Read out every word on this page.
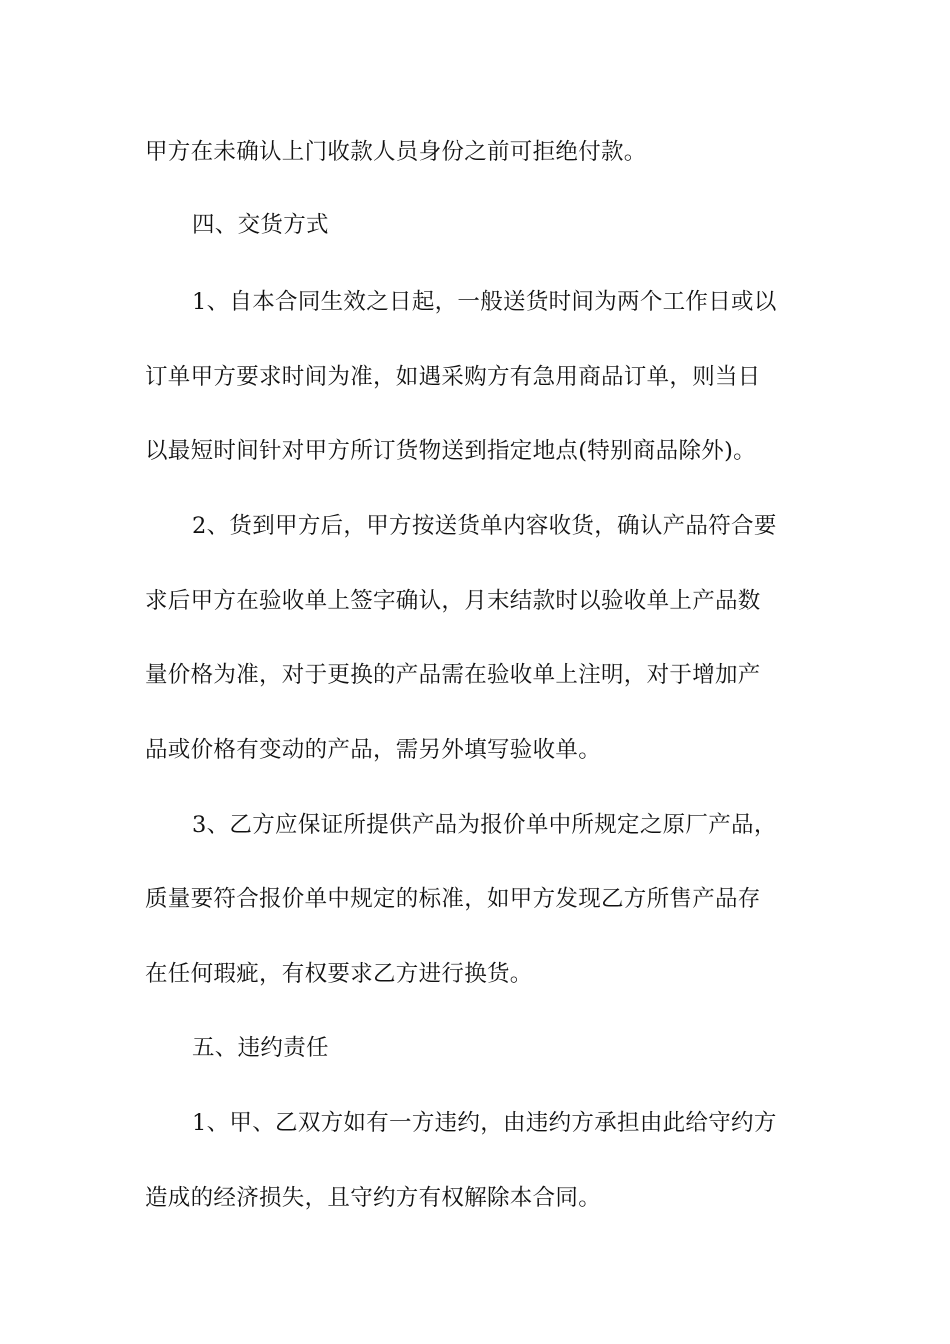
甲方在未确认上门收款人员身份之前可拒绝付款。
四、交货方式
1、自本合同生效之日起，一般送货时间为两个工作日或以
订单甲方要求时间为准，如遇采购方有急用商品订单，则当日
以最短时间针对甲方所订货物送到指定地点(特别商品除外)。
2、货到甲方后，甲方按送货单内容收货，确认产品符合要
求后甲方在验收单上签字确认，月末结款时以验收单上产品数
量价格为准，对于更换的产品需在验收单上注明，对于增加产
品或价格有变动的产品，需另外填写验收单。
3、乙方应保证所提供产品为报价单中所规定之原厂产品，
质量要符合报价单中规定的标准，如甲方发现乙方所售产品存
在任何瑕疵，有权要求乙方进行换货。
五、违约责任
1、甲、乙双方如有一方违约，由违约方承担由此给守约方
造成的经济损失，且守约方有权解除本合同。
